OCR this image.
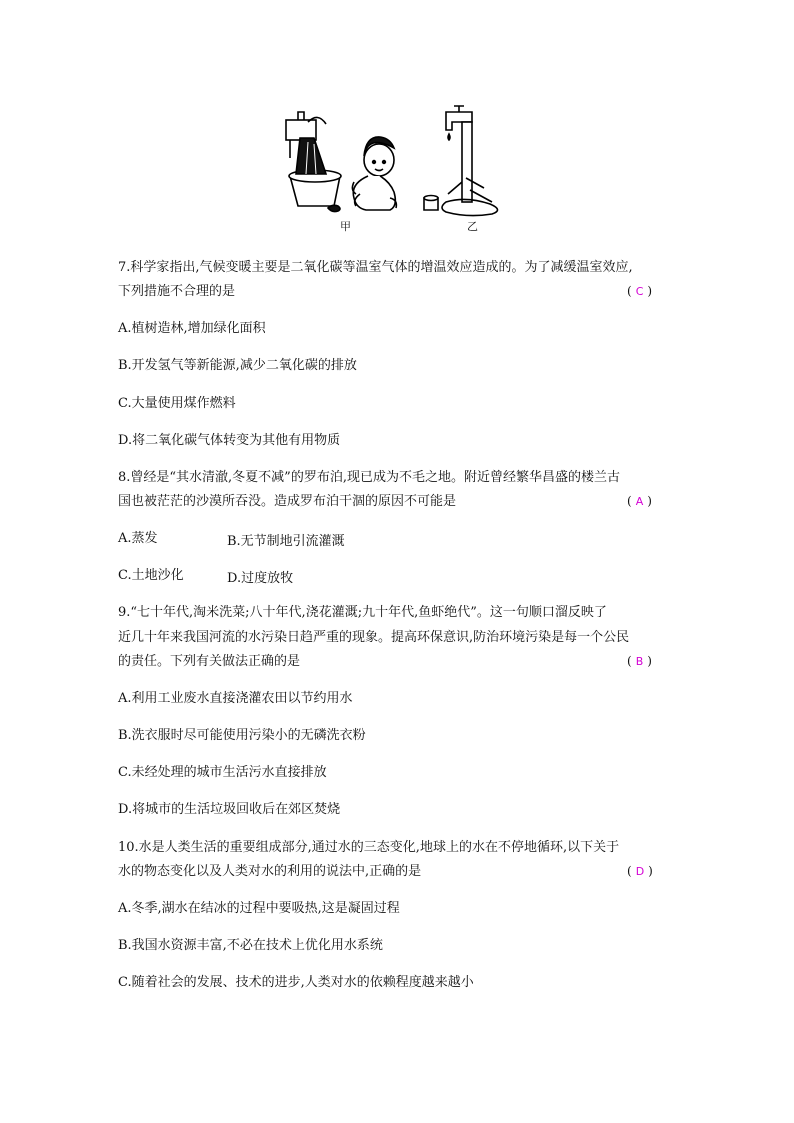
甲	乙
7.科学家指出,气候变暖主要是二氧化碳等温室气体的增温效应造成的。为了减缓温室效应,
下列措施不合理的是	( C )
A.植树造林,增加绿化面积
B.开发氢气等新能源,减少二氧化碳的排放
C.大量使用煤作燃料
D.将二氧化碳气体转变为其他有用物质
8.曾经是“其水清澈,冬夏不减”的罗布泊,现已成为不毛之地。附近曾经繁华昌盛的楼兰古
国也被茫茫的沙漠所吞没。造成罗布泊干涸的原因不可能是	( A )
A.蒸发	B.无节制地引流灌溉
C.土地沙化	D.过度放牧
9.“七十年代,淘米洗菜;八十年代,浇花灌溉;九十年代,鱼虾绝代”。这一句顺口溜反映了
近几十年来我国河流的水污染日趋严重的现象。提高环保意识,防治环境污染是每一个公民
的责任。下列有关做法正确的是	( B )
A.利用工业废水直接浇灌农田以节约用水
B.洗衣服时尽可能使用污染小的无磷洗衣粉
C.未经处理的城市生活污水直接排放
D.将城市的生活垃圾回收后在郊区焚烧
10.水是人类生活的重要组成部分,通过水的三态变化,地球上的水在不停地循环,以下关于
水的物态变化以及人类对水的利用的说法中,正确的是	( D )
A.冬季,湖水在结冰的过程中要吸热,这是凝固过程
B.我国水资源丰富,不必在技术上优化用水系统
C.随着社会的发展、技术的进步,人类对水的依赖程度越来越小
